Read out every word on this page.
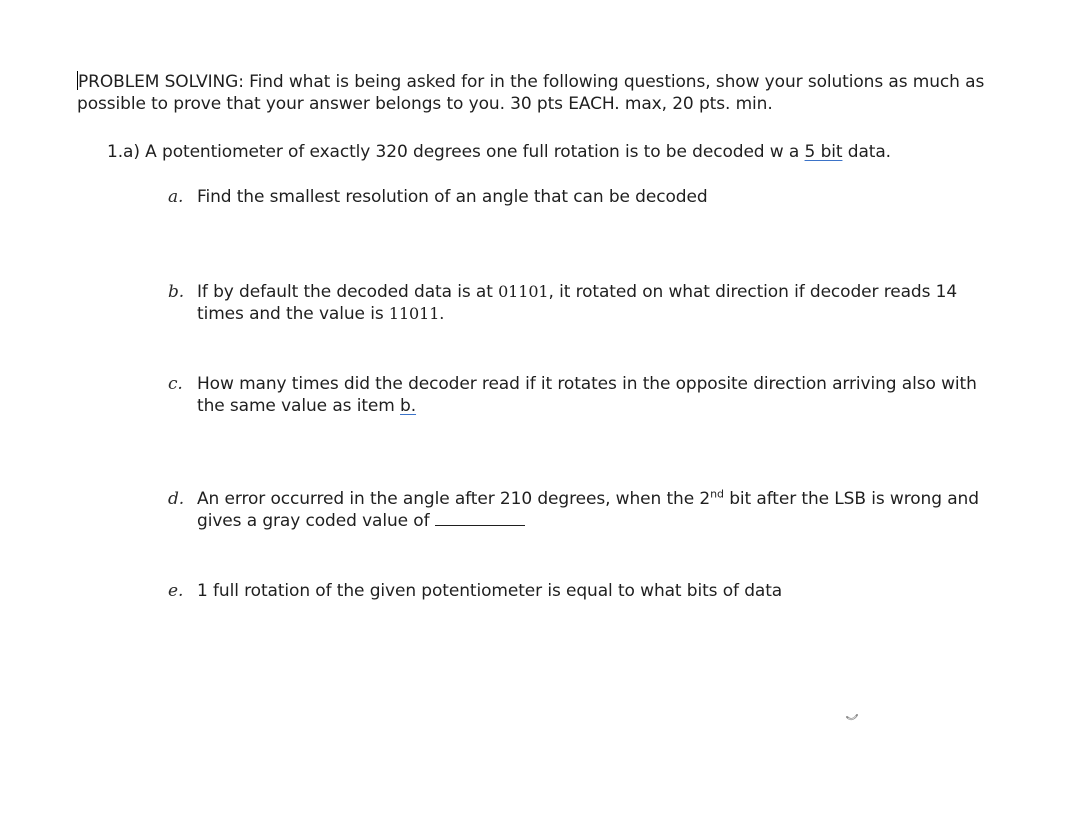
PROBLEM SOLVING: Find what is being asked for in the following questions, show your solutions as much as
possible to prove that your answer belongs to you. 30 pts EACH. max, 20 pts. min.
1.a) A potentiometer of exactly 320 degrees one full rotation is to be decoded w a 5 bit data.
a. Find the smallest resolution of an angle that can be decoded
b. If by default the decoded data is at 01101, it rotated on what direction if decoder reads 14
times and the value is 11011.
c. How many times did the decoder read if it rotates in the opposite direction arriving also with
the same value as item b.
d. An error occurred in the angle after 210 degrees, when the 2nd bit after the LSB is wrong and
gives a gray coded value of
e. 1 full rotation of the given potentiometer is equal to what bits of data
